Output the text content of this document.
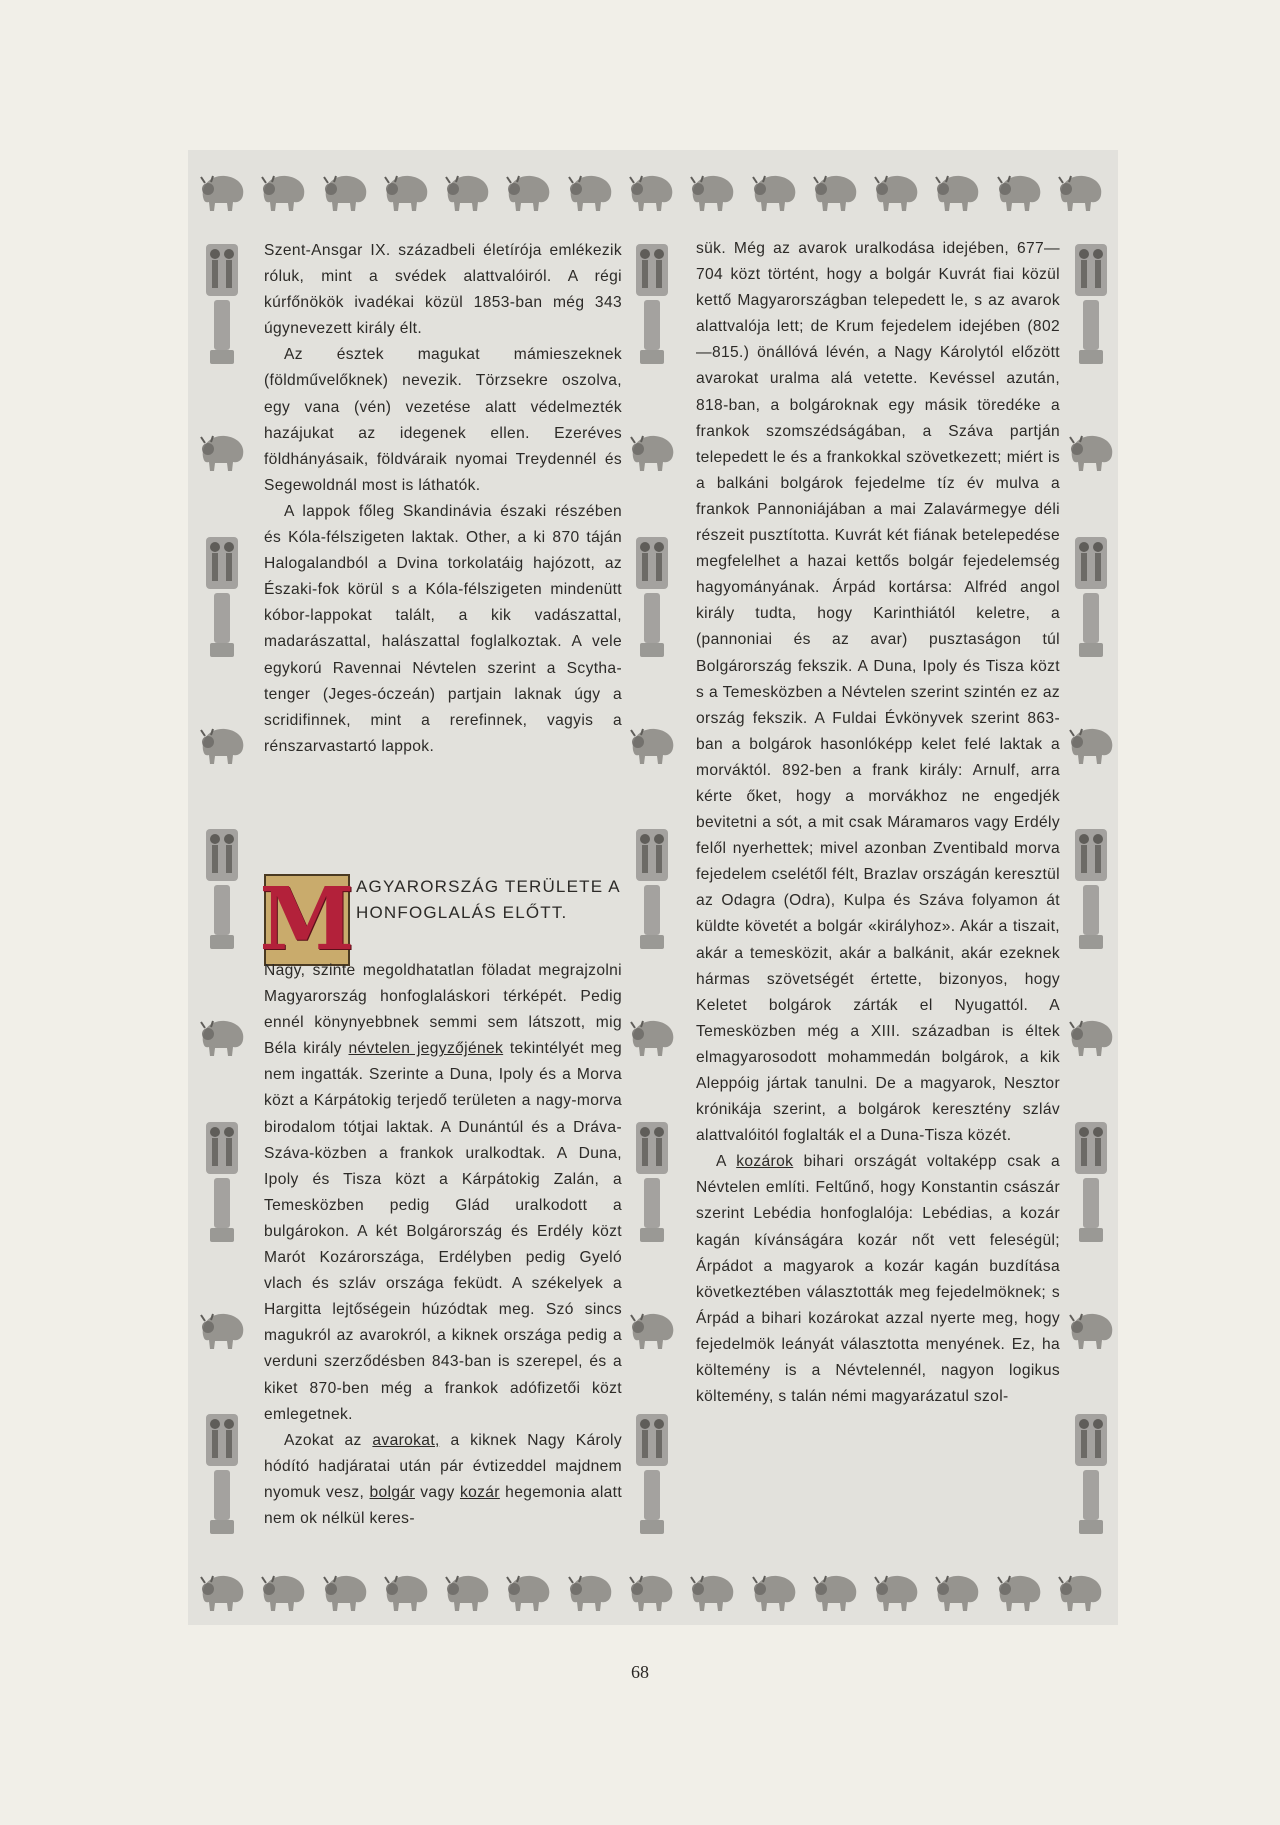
Szent-Ansgar IX. századbeli életírója emlékezik róluk, mint a svédek alattvalóiról. A régi kúrfőnökök ivadékai közül 1853-ban még 343 úgynevezett király élt.

Az észtek magukat mámieszeknek (földművelőknek) nevezik. Törzsekre oszolva, egy vana (vén) vezetése alatt védelmezték hazájukat az idegenek ellen. Ezeréves földhányásaik, földváraik nyomai Treydennél és Segewoldnál most is láthatók.

A lappok főleg Skandinávia északi részében és Kóla-félszigeten laktak. Other, a ki 870 táján Halogalandból a Dvina torkolatáig hajózott, az Északi-fok körül s a Kóla-félszigeten mindenütt kóbor-lappokat talált, a kik vadászattal, madarászattal, halászattal foglalkoztak. A vele egykorú Ravennai Névtelen szerint a Scytha-tenger (Jeges-óczeán) partjain laknak úgy a scridifinnek, mint a rerefinnek, vagyis a rénszarvastartó lappok.

M AGYARORSZÁG TERÜLETE A HONFOGLALÁS ELŐTT.

Nagy, szinte megoldhatatlan föladat megrajzolni Magyarország honfoglaláskori térképét. Pedig ennél könynyebbnek semmi sem látszott, mig Béla király névtelen jegyzőjének tekintélyét meg nem ingatták. Szerinte a Duna, Ipoly és a Morva közt a Kárpátokig terjedő területen a nagy-morva birodalom tótjai laktak. A Dunántúl és a Dráva-Száva-közben a frankok uralkodtak. A Duna, Ipoly és Tisza közt a Kárpátokig Zalán, a Temesközben pedig Glád uralkodott a bulgárokon. A két Bolgárország és Erdély közt Marót Kozárországa, Erdélyben pedig Gyeló vlach és szláv országa feküdt. A székelyek a Hargitta lejtőségein húzódtak meg. Szó sincs magukról az avarokról, a kiknek országa pedig a verduni szerződésben 843-ban is szerepel, és a kiket 870-ben még a frankok adófizetői közt emlegetnek.

Azokat az avarokat, a kiknek Nagy Károly hódító hadjáratai után pár évtizeddel majdnem nyomuk vesz, bolgár vagy kozár hegemonia alatt nem ok nélkül keres-

sük. Még az avarok uralkodása idejében, 677—704 közt történt, hogy a bolgár Kuvrát fiai közül kettő Magyarországban telepedett le, s az avarok alattvalója lett; de Krum fejedelem idejében (802—815.) önállóvá lévén, a Nagy Károlytól előzött avarokat uralma alá vetette. Kevéssel azután, 818-ban, a bolgároknak egy másik töredéke a frankok szomszédságában, a Száva partján telepedett le és a frankokkal szövetkezett; miért is a balkáni bolgárok fejedelme tíz év mulva a frankok Pannoniájában a mai Zalavármegye déli részeit pusztította. Kuvrát két fiának betelepedése megfelelhet a hazai kettős bolgár fejedelemség hagyományának. Árpád kortársa: Alfréd angol király tudta, hogy Karinthiától keletre, a (pannoniai és az avar) pusztaságon túl Bolgárország fekszik. A Duna, Ipoly és Tisza közt s a Temesközben a Névtelen szerint szintén ez az ország fekszik. A Fuldai Évkönyvek szerint 863-ban a bolgárok hasonlóképp kelet felé laktak a morváktól. 892-ben a frank király: Arnulf, arra kérte őket, hogy a morvákhoz ne engedjék bevitetni a sót, a mit csak Máramaros vagy Erdély felől nyerhettek; mivel azonban Zventibald morva fejedelem cselétől félt, Brazlav országán keresztül az Odagra (Odra), Kulpa és Száva folyamon át küldte követét a bolgár «királyhoz». Akár a tiszait, akár a temesközit, akár a balkánit, akár ezeknek hármas szövetségét értette, bizonyos, hogy Keletet bolgárok zárták el Nyugattól. A Temesközben még a XIII. században is éltek elmagyarosodott mohammedán bolgárok, a kik Aleppóig jártak tanulni. De a magyarok, Nesztor krónikája szerint, a bolgárok keresztény szláv alattvalóitól foglalták el a Duna-Tisza közét.

A kozárok bihari országát voltaképp csak a Névtelen említi. Feltűnő, hogy Konstantin császár szerint Lebédia honfoglalója: Lebédias, a kozár kagán kívánságára kozár nőt vett feleségül; Árpádot a magyarok a kozár kagán buzdítása következtében választották meg fejedelmöknek; s Árpád a bihari kozárokat azzal nyerte meg, hogy fejedelmök leányát választotta menyének. Ez, ha költemény is a Névtelennél, nagyon logikus költemény, s talán némi magyarázatul szol-

68
